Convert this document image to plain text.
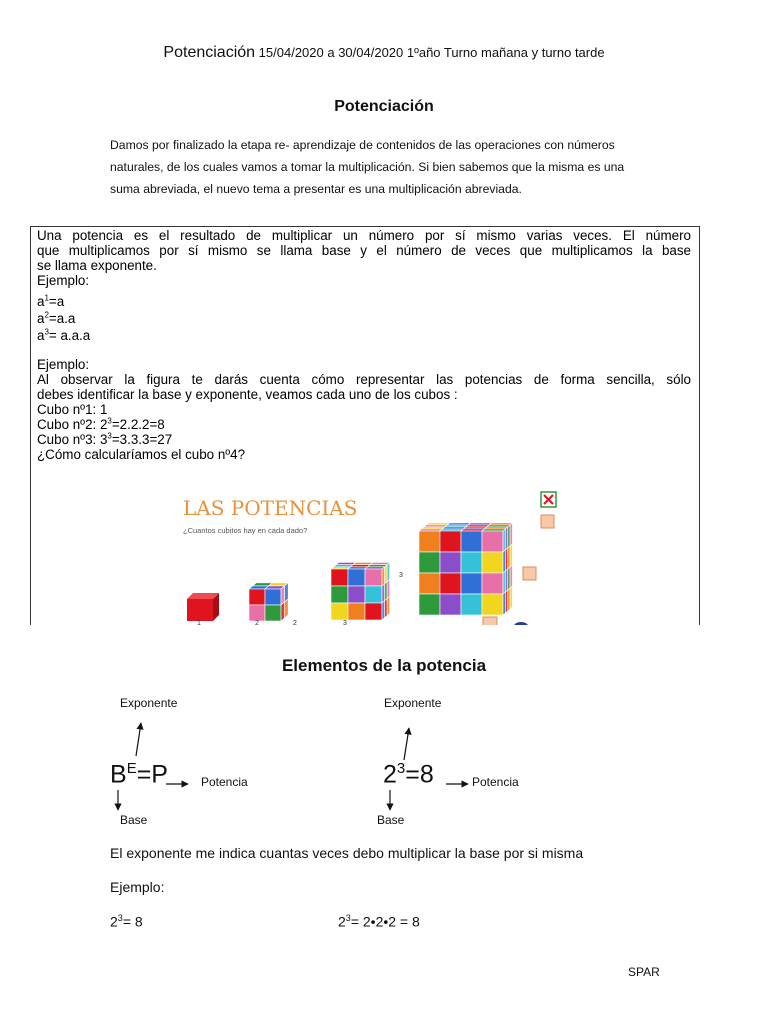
Potenciación 15/04/2020 a 30/04/2020 1ºaño Turno mañana y turno tarde
Potenciación

Damos por finalizado la etapa re- aprendizaje de contenidos de las operaciones con números

naturales, de los cuales vamos a tomar la multiplicación. Si bien sabemos que la misma es una

suma abreviada, el nuevo tema a presentar es una multiplicación abreviada.

Una potencia es el resultado de multiplicar un número por sí mismo varias veces. El número
que multiplicamos por sí mismo se llama base y el número de veces que multiplicamos la base
se llama exponente.
Ejemplo:
$a^1=a$
$a^2=a.a$
$a^3= a.a.a$
Ejemplo:
Al observar la figura te darás cuenta cómo representar las potencias de forma sencilla, sólo
debes identificar la base y exponente, veamos cada uno de los cubos :
Cubo nº1: 1
Cubo nº2: $2^3=2.2.2=8$
Cubo nº3: $3^3=3.3.3=27$
¿Cómo calcularíamos el cubo nº4?
LAS POTENCIAS
¿Cuantos cubitos hay en cada dado?
1	2	2	3
3
Elementos de la potencia
Exponente	Exponente
$B^E=P$	Potencia	$2^3=8$	Potencia
Base	Base
El exponente me indica cuantas veces debo multiplicar la base por si misma
Ejemplo:
$2^3= 8$	$2^3=$ 2•2•2 = 8
SPAR
